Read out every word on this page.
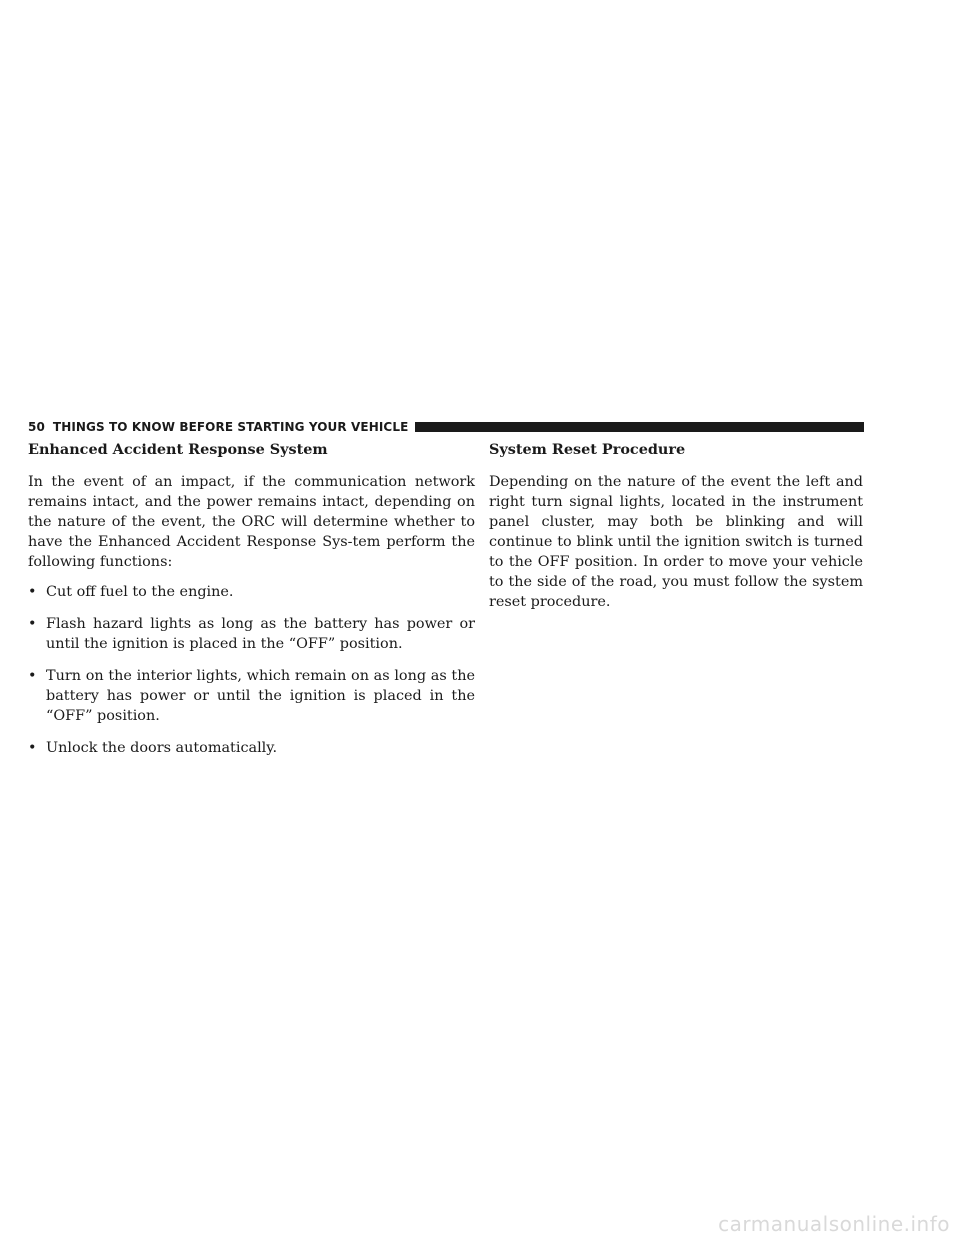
50 THINGS TO KNOW BEFORE STARTING YOUR VEHICLE
Enhanced Accident Response System

In the event of an impact, if the communication network remains intact, and the power remains intact, depending on the nature of the event, the ORC will determine whether to have the Enhanced Accident Response Sys-tem perform the following functions:

• Cut off fuel to the engine.
• Flash hazard lights as long as the battery has power or until the ignition is placed in the “OFF” position.
• Turn on the interior lights, which remain on as long as the battery has power or until the ignition is placed in the “OFF” position.
• Unlock the doors automatically.
System Reset Procedure

Depending on the nature of the event the left and right turn signal lights, located in the instrument panel cluster, may both be blinking and will continue to blink until the ignition switch is turned to the OFF position. In order to move your vehicle to the side of the road, you must follow the system reset procedure.

carmanualsonline.info
